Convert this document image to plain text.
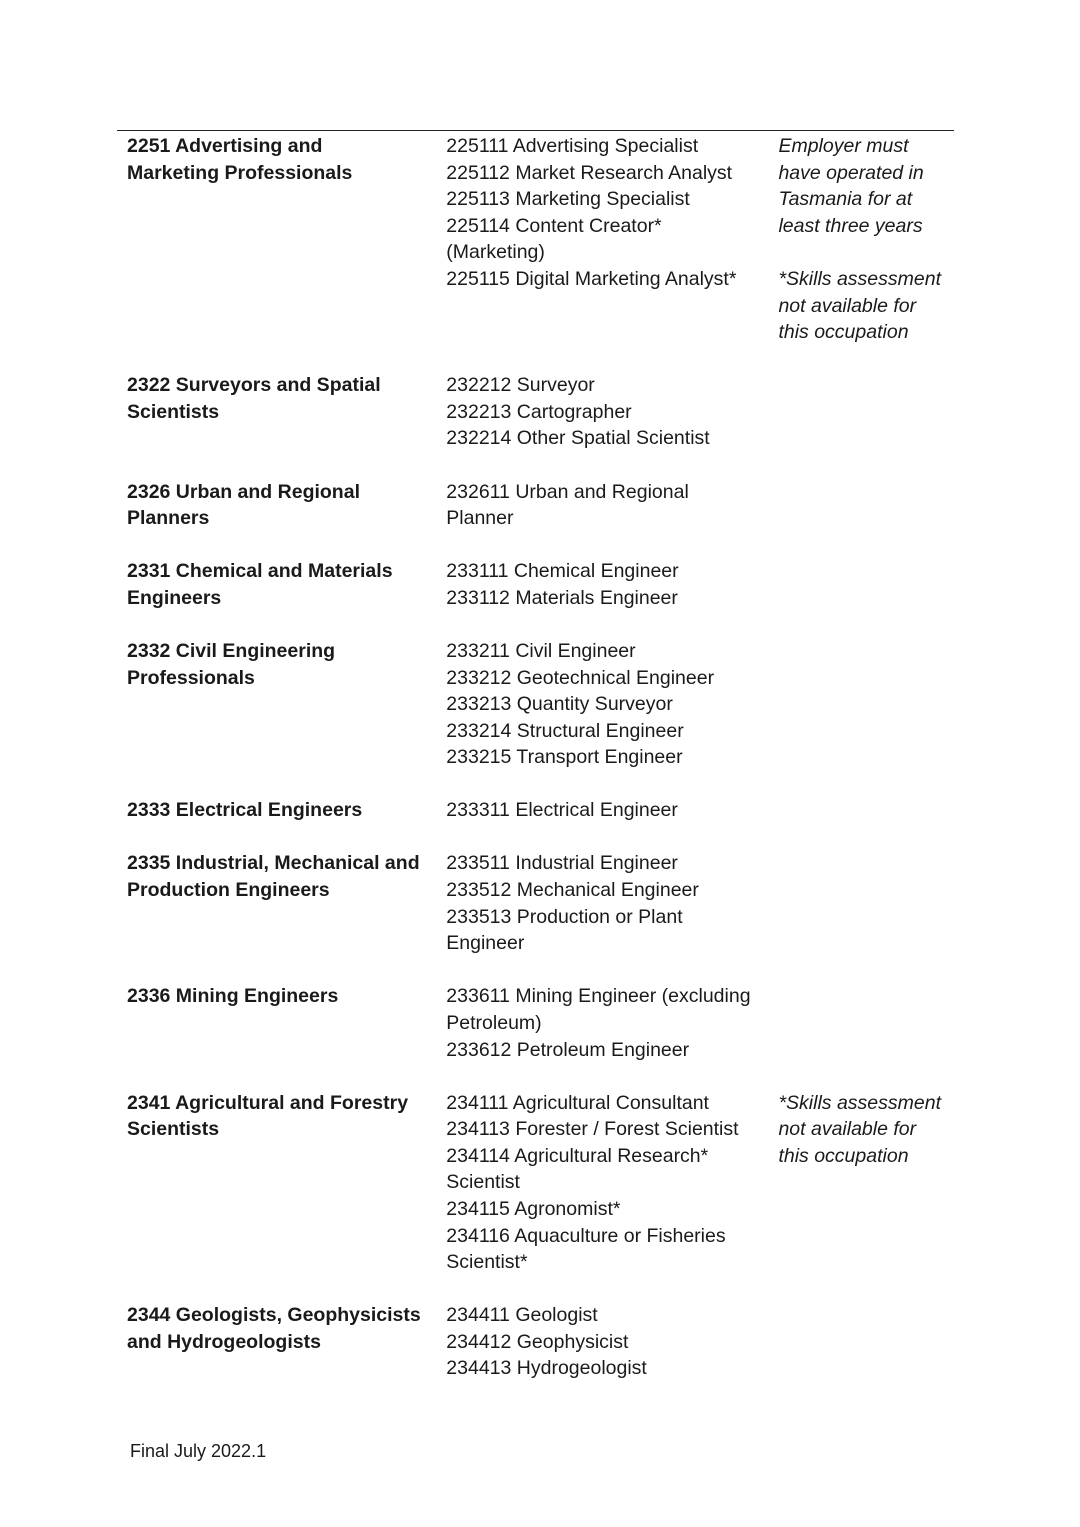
2251 Advertising and
Marketing Professionals
225111 Advertising Specialist
225112 Market Research Analyst
225113 Marketing Specialist
225114 Content Creator*
(Marketing)
225115 Digital Marketing Analyst*
Employer must
have operated in
Tasmania for at
least three years
*Skills assessment
not available for
this occupation
2322 Surveyors and Spatial
Scientists
232212 Surveyor
232213 Cartographer
232214 Other Spatial Scientist
2326 Urban and Regional
Planners
232611 Urban and Regional
Planner
2331 Chemical and Materials
Engineers
233111 Chemical Engineer
233112 Materials Engineer
2332 Civil Engineering
Professionals
233211 Civil Engineer
233212 Geotechnical Engineer
233213 Quantity Surveyor
233214 Structural Engineer
233215 Transport Engineer
2333 Electrical Engineers	233311 Electrical Engineer
2335 Industrial, Mechanical and
Production Engineers
233511 Industrial Engineer
233512 Mechanical Engineer
233513 Production or Plant
Engineer
2336 Mining Engineers	233611 Mining Engineer (excluding
Petroleum)
233612 Petroleum Engineer
2341 Agricultural and Forestry
Scientists
234111 Agricultural Consultant
234113 Forester / Forest Scientist
234114 Agricultural Research*
Scientist
234115 Agronomist*
234116 Aquaculture or Fisheries
Scientist*
*Skills assessment
not available for
this occupation
2344 Geologists, Geophysicists
and Hydrogeologists
234411 Geologist
234412 Geophysicist
234413 Hydrogeologist
Final July 2022.1
